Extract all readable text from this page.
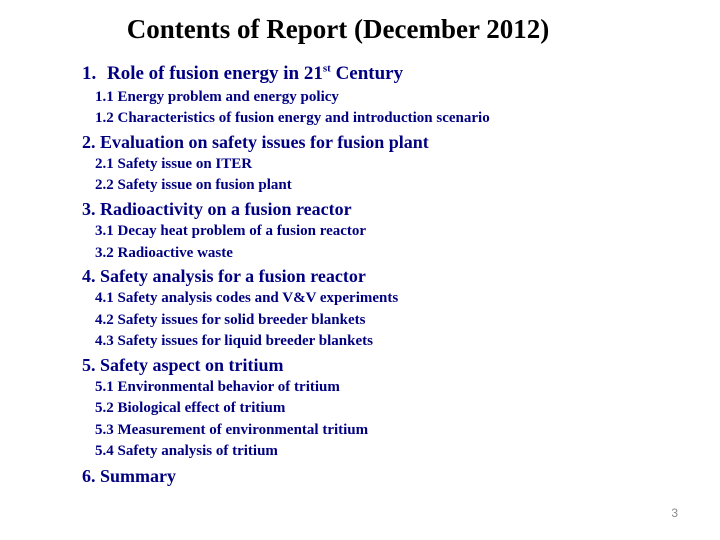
Contents of Report (December 2012)
1. Role of fusion energy in 21st Century
1.1 Energy problem and energy policy
1.2 Characteristics of fusion energy and introduction scenario
2. Evaluation on safety issues for fusion plant
2.1 Safety issue on ITER
2.2 Safety issue on fusion plant
3. Radioactivity on a fusion reactor
3.1 Decay heat problem of a fusion reactor
3.2 Radioactive waste
4. Safety analysis for a fusion reactor
4.1 Safety analysis codes and V&V experiments
4.2 Safety issues for solid breeder blankets
4.3 Safety issues for liquid breeder blankets
5. Safety aspect on tritium
5.1 Environmental behavior of tritium
5.2 Biological effect of tritium
5.3 Measurement of environmental tritium
5.4 Safety analysis of tritium
6. Summary
3
